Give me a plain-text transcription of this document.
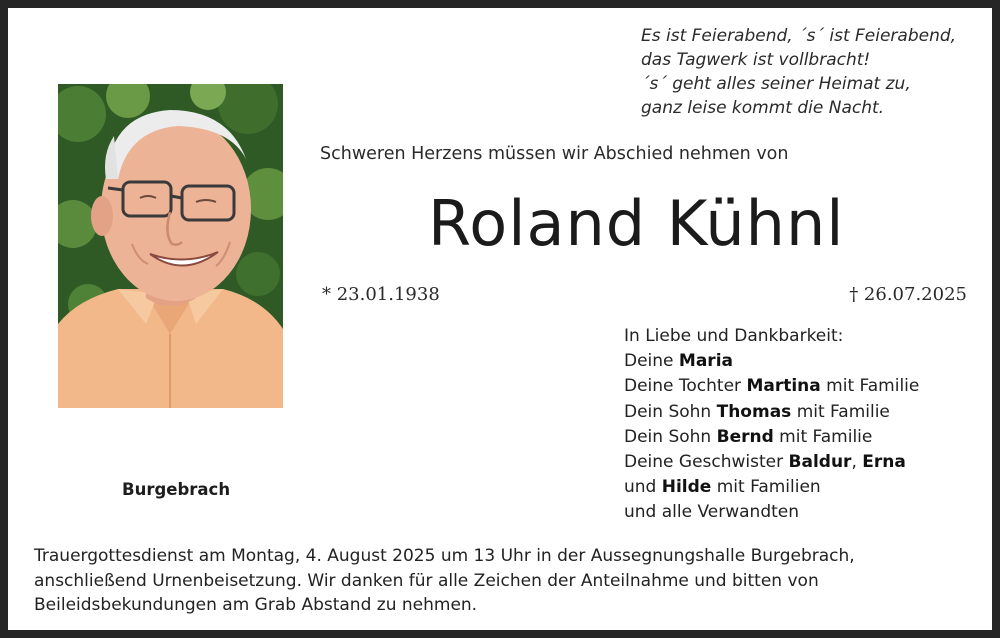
Es ist Feierabend, ´s´ ist Feierabend,
das Tagwerk ist vollbracht!
´s´ geht alles seiner Heimat zu,
ganz leise kommt die Nacht.
Schweren Herzens müssen wir Abschied nehmen von
Roland Kühnl
* 23.01.1938	† 26.07.2025
In Liebe und Dankbarkeit:
Deine Maria
Deine Tochter Martina mit Familie
Dein Sohn Thomas mit Familie
Dein Sohn Bernd mit Familie
Deine Geschwister Baldur, Erna
und Hilde mit Familien
und alle Verwandten
Burgebrach
Trauergottesdienst am Montag, 4. August 2025 um 13 Uhr in der Aussegnungshalle Burgebrach,
anschließend Urnenbeisetzung. Wir danken für alle Zeichen der Anteilnahme und bitten von
Beileidsbekundungen am Grab Abstand zu nehmen.
